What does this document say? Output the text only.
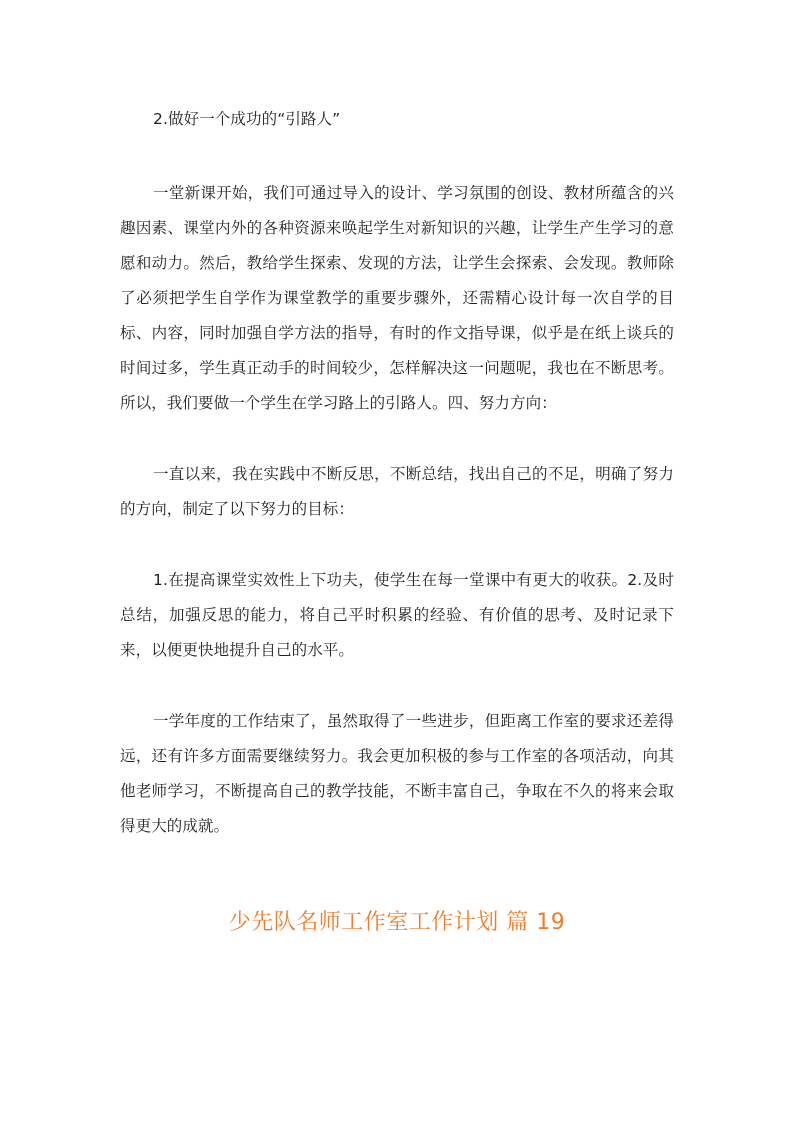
2.做好一个成功的“引路人”

一堂新课开始，我们可通过导入的设计、学习氛围的创设、教材所蕴含的兴趣因素、课堂内外的各种资源来唤起学生对新知识的兴趣，让学生产生学习的意愿和动力。然后，教给学生探索、发现的方法，让学生会探索、会发现。教师除了必须把学生自学作为课堂教学的重要步骤外，还需精心设计每一次自学的目标、内容，同时加强自学方法的指导，有时的作文指导课，似乎是在纸上谈兵的时间过多，学生真正动手的时间较少，怎样解决这一问题呢，我也在不断思考。所以，我们要做一个学生在学习路上的引路人。四、努力方向：

一直以来，我在实践中不断反思，不断总结，找出自己的不足，明确了努力的方向，制定了以下努力的目标：

1.在提高课堂实效性上下功夫，使学生在每一堂课中有更大的收获。2.及时总结，加强反思的能力，将自己平时积累的经验、有价值的思考、及时记录下来，以便更快地提升自己的水平。

一学年度的工作结束了，虽然取得了一些进步，但距离工作室的要求还差得远，还有许多方面需要继续努力。我会更加积极的参与工作室的各项活动，向其他老师学习，不断提高自己的教学技能，不断丰富自己，争取在不久的将来会取得更大的成就。

少先队名师工作室工作计划 篇 19
